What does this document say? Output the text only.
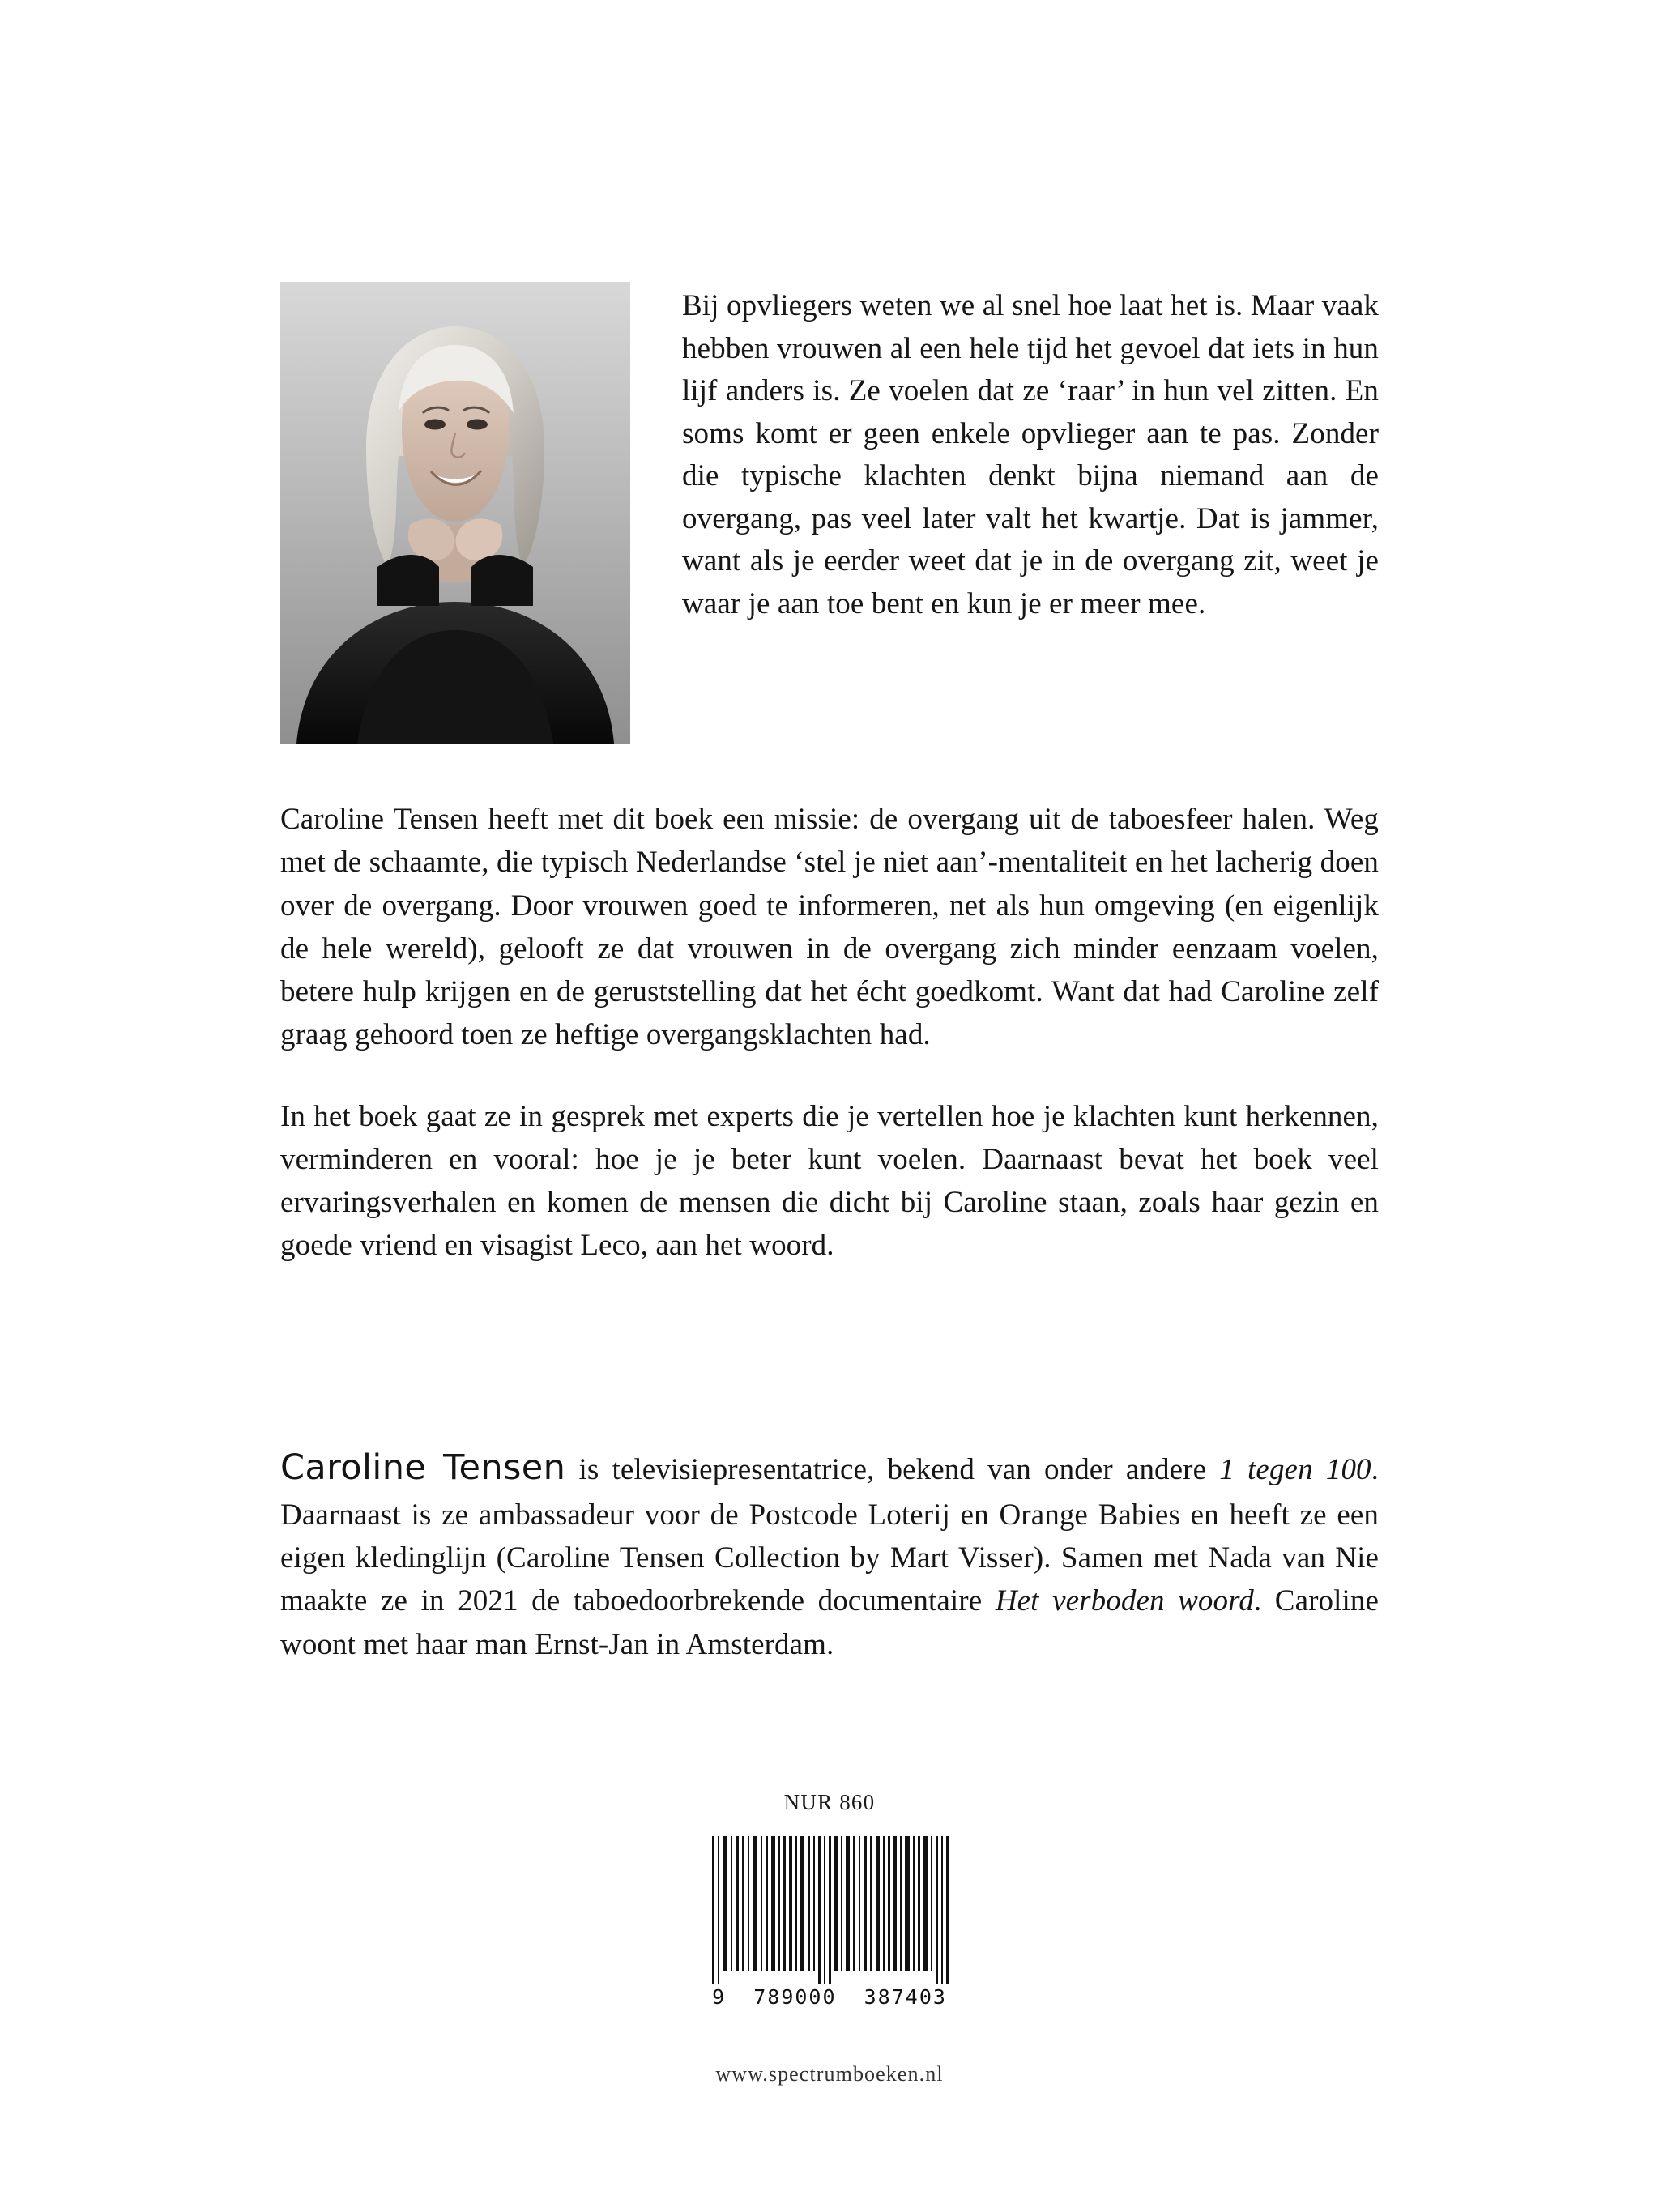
Bij opvliegers weten we al snel hoe laat het is. Maar vaak hebben vrouwen al een hele tijd het gevoel dat iets in hun lijf anders is. Ze voelen dat ze ‘raar’ in hun vel zitten. En soms komt er geen enkele opvlieger aan te pas. Zonder die typische klachten denkt bijna niemand aan de overgang, pas veel later valt het kwartje. Dat is jammer, want als je eerder weet dat je in de overgang zit, weet je waar je aan toe bent en kun je er meer mee.

Caroline Tensen heeft met dit boek een missie: de overgang uit de taboesfeer halen. Weg met de schaamte, die typisch Nederlandse ‘stel je niet aan’-mentaliteit en het lacherig doen over de overgang. Door vrouwen goed te informeren, net als hun omgeving (en eigenlijk de hele wereld), gelooft ze dat vrouwen in de overgang zich minder eenzaam voelen, betere hulp krijgen en de geruststelling dat het écht goedkomt. Want dat had Caroline zelf graag gehoord toen ze heftige overgangsklachten had.

In het boek gaat ze in gesprek met experts die je vertellen hoe je klachten kunt herkennen, verminderen en vooral: hoe je je beter kunt voelen. Daarnaast bevat het boek veel ervaringsverhalen en komen de mensen die dicht bij Caroline staan, zoals haar gezin en goede vriend en visagist Leco, aan het woord.

Caroline Tensen is televisiepresentatrice, bekend van onder andere 1 tegen 100. Daarnaast is ze ambassadeur voor de Postcode Loterij en Orange Babies en heeft ze een eigen kledinglijn (Caroline Tensen Collection by Mart Visser). Samen met Nada van Nie maakte ze in 2021 de taboedoorbrekende documentaire Het verboden woord. Caroline woont met haar man Ernst-Jan in Amsterdam.
NUR 860
9  789000  387403
www.spectrumboeken.nl
